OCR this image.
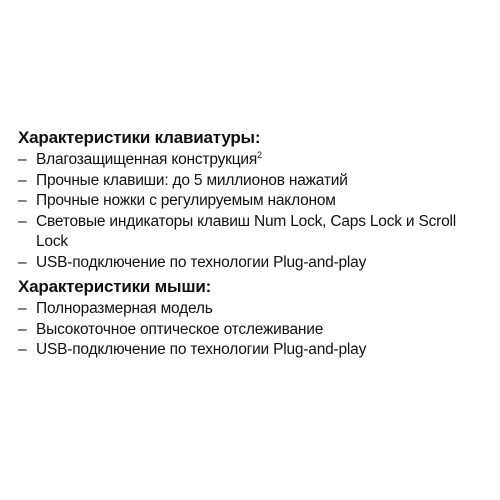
Характеристики клавиатуры:
– Влагозащищенная конструкция$^2$
– Прочные клавиши: до 5 миллионов нажатий
– Прочные ножки с регулируемым наклоном
– Световые индикаторы клавиш Num Lock, Caps Lock и Scroll Lock
– USB-подключение по технологии Plug-and-play
Характеристики мыши:
– Полноразмерная модель
– Высокоточное оптическое отслеживание
– USB-подключение по технологии Plug-and-play
